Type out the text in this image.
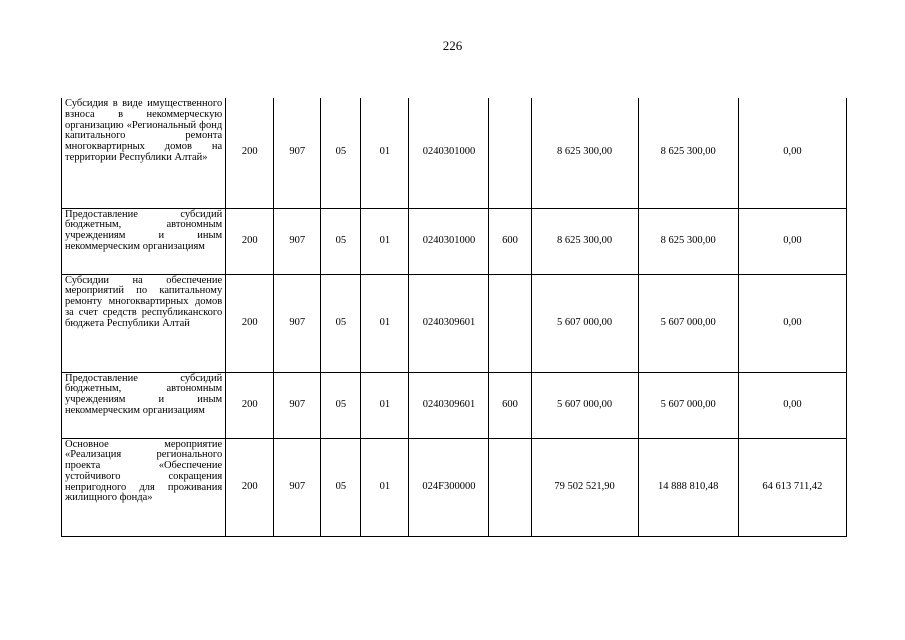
226
Субсидия в виде имущественного взноса в некоммерческую организацию «Региональный фонд капитального ремонта многоквартирных домов на территории Республики Алтай»	200	907	05	01	0240301000		8 625 300,00	8 625 300,00	0,00
Предоставление субсидий бюджетным, автономным учреждениям и иным некоммерческим организациям	200	907	05	01	0240301000	600	8 625 300,00	8 625 300,00	0,00
Субсидии на обеспечение мероприятий по капитальному ремонту многоквартирных домов за счет средств республиканского бюджета Республики Алтай	200	907	05	01	0240309601		5 607 000,00	5 607 000,00	0,00
Предоставление субсидий бюджетным, автономным учреждениям и иным некоммерческим организациям	200	907	05	01	0240309601	600	5 607 000,00	5 607 000,00	0,00
Основное мероприятие «Реализация регионального проекта «Обеспечение устойчивого сокращения непригодного для проживания жилищного фонда»	200	907	05	01	024F300000		79 502 521,90	14 888 810,48	64 613 711,42
